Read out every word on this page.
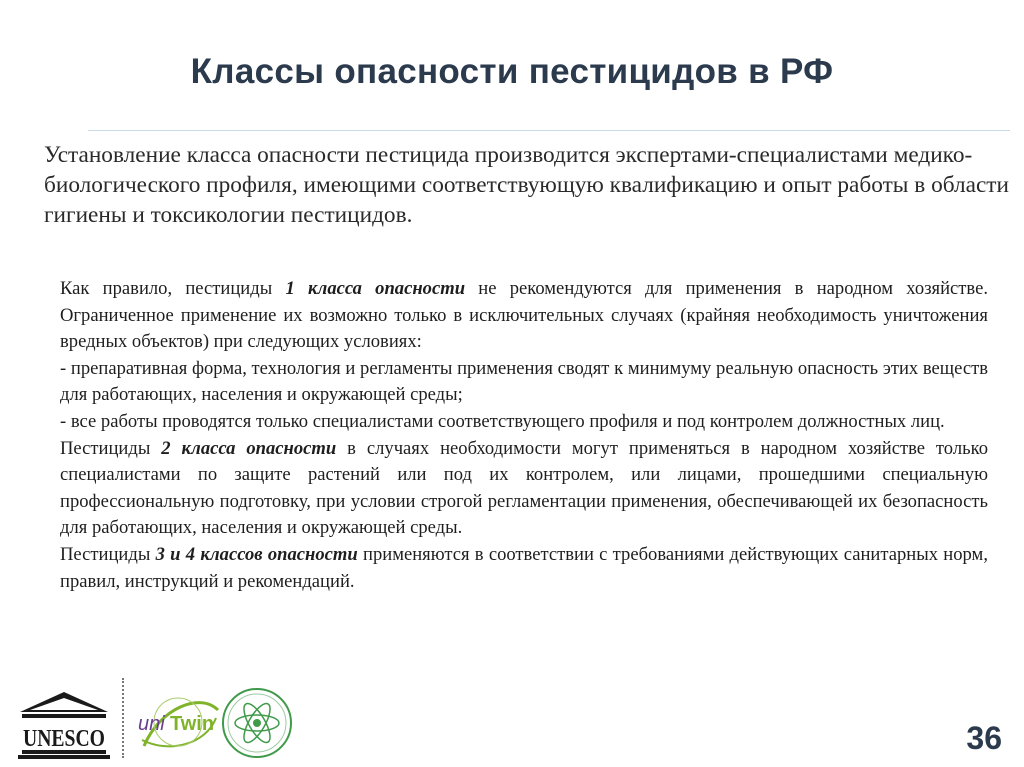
Классы опасности пестицидов в РФ
Установление класса опасности пестицида производится экспертами-специалистами медико-биологического профиля, имеющими соответствующую квалификацию и опыт работы в области гигиены и токсикологии пестицидов.

Как правило, пестициды 1 класса опасности не рекомендуются для применения в народном хозяйстве. Ограниченное применение их возможно только в исключительных случаях (крайняя необходимость уничтожения вредных объектов) при следующих условиях:

- препаративная форма, технология и регламенты применения сводят к минимуму реальную опасность этих веществ для работающих, населения и окружающей среды;

- все работы проводятся только специалистами соответствующего профиля и под контролем должностных лиц.

Пестициды 2 класса опасности в случаях необходимости могут применяться в народном хозяйстве только специалистами по защите растений или под их контролем, или лицами, прошедшими специальную профессиональную подготовку, при условии строгой регламентации применения, обеспечивающей их безопасность для работающих, населения и окружающей среды.

Пестициды 3 и 4 классов опасности применяются в соответствии с требованиями действующих санитарных норм, правил, инструкций и рекомендаций.

UNESCO
uni Twin	36
